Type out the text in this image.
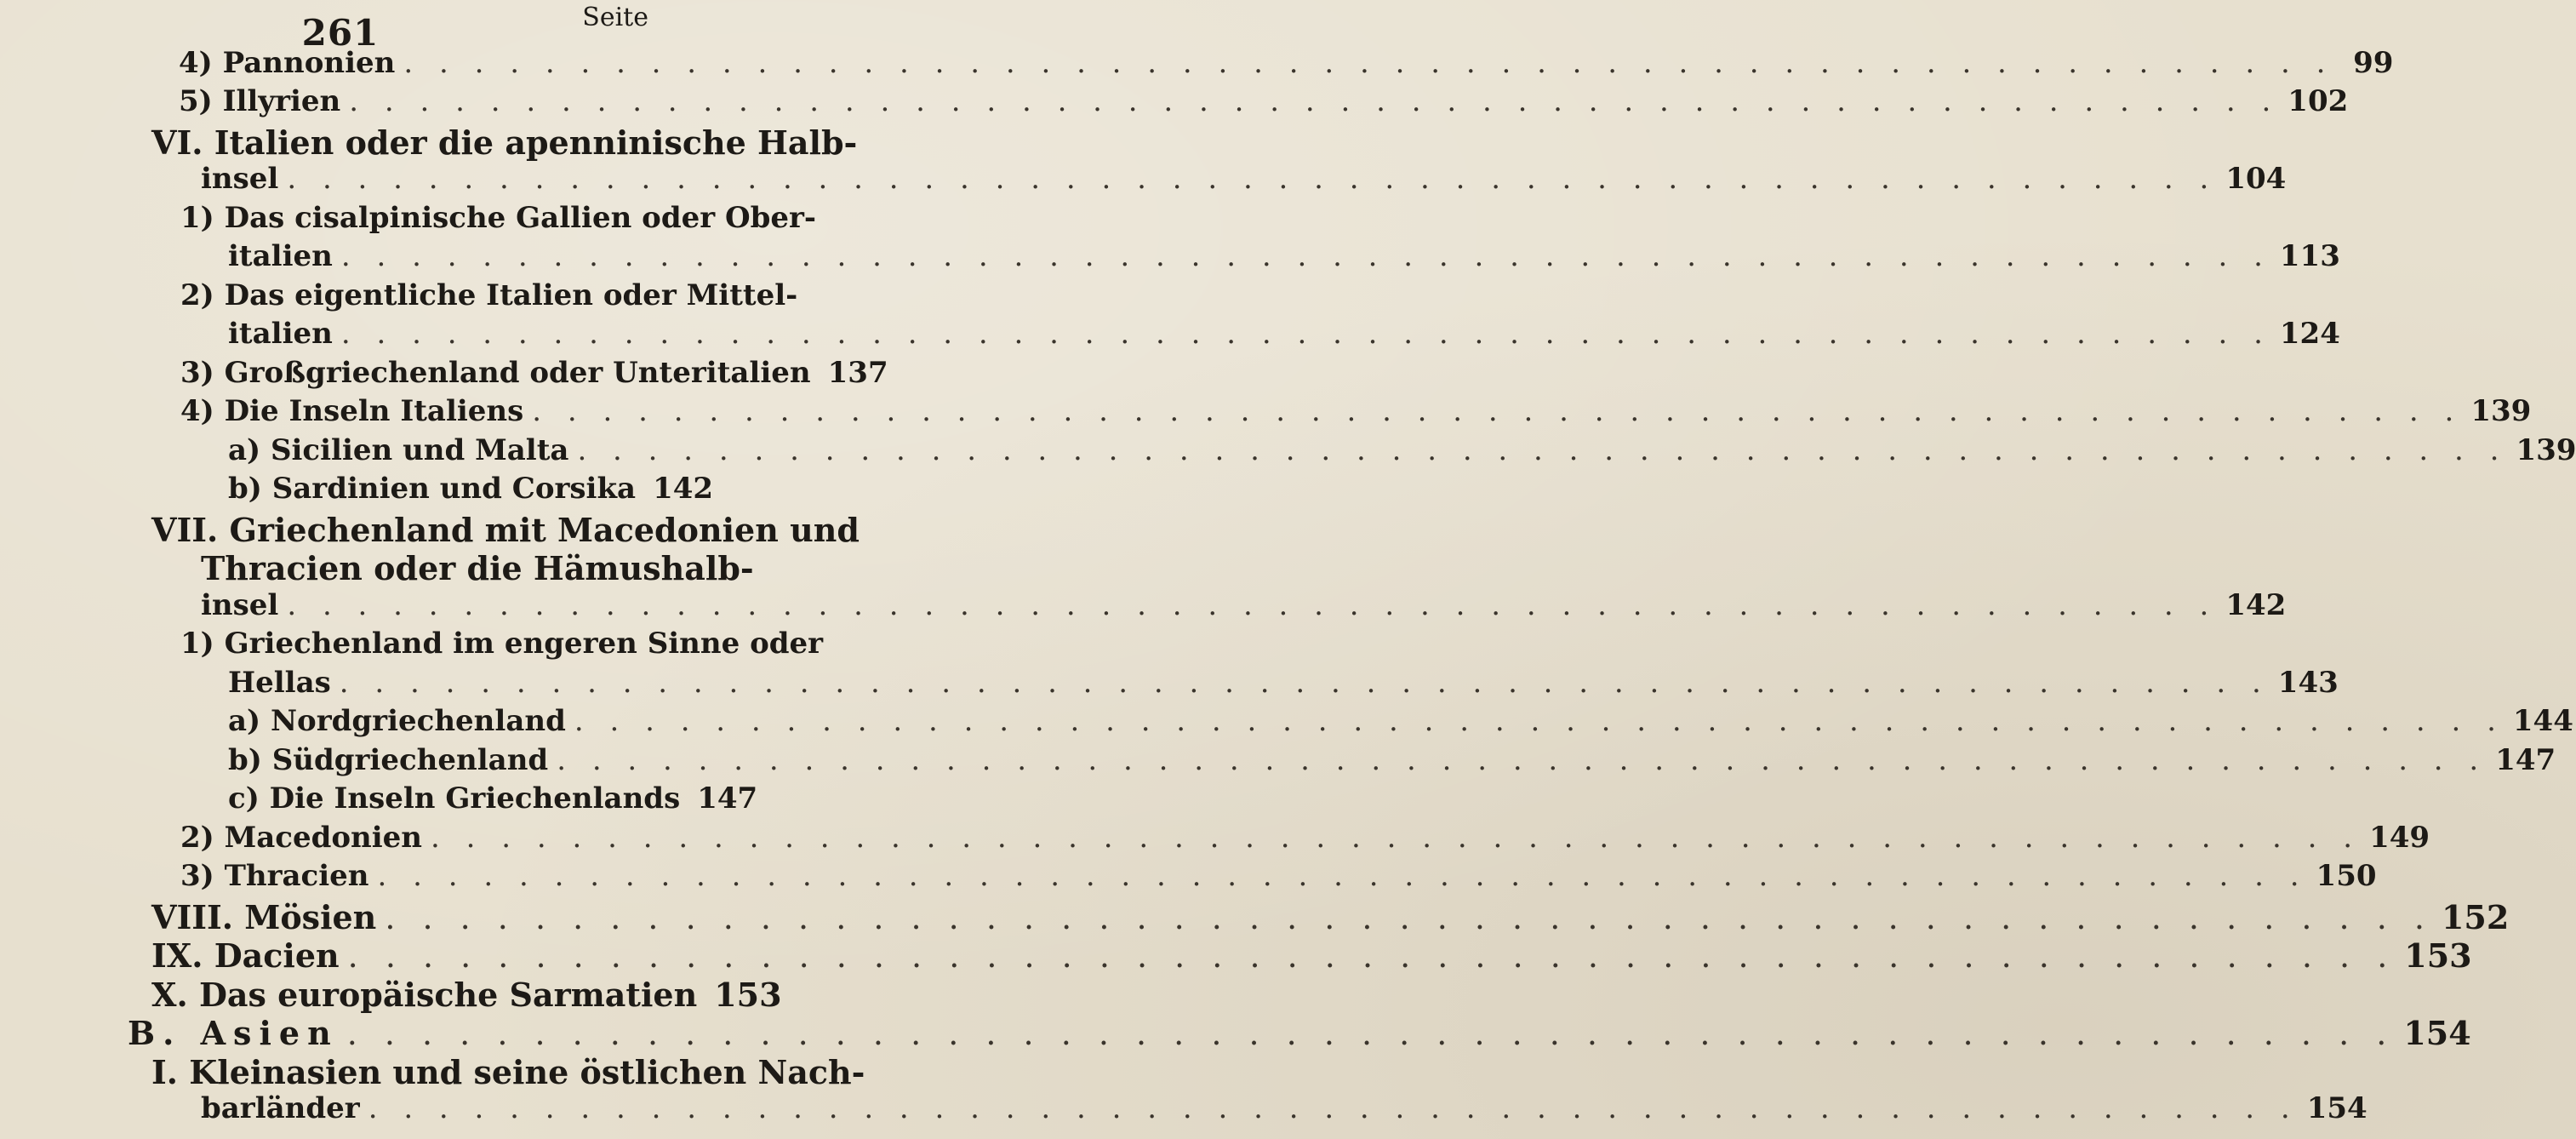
261	Seite
4) Pannonien . . .	99
5) Illyrien . . .	102
VI. Italien oder die apenninische Halb-
insel . . .	104
1) Das cisalpinische Gallien oder Ober-
italien . . .	113
2) Das eigentliche Italien oder Mittel-
italien . . .	124
3) Großgriechenland oder Unteritalien 137
4) Die Inseln Italiens . . .	139
a) Sicilien und Malta . . .	139
b) Sardinien und Corsika 142
VII. Griechenland mit Macedonien und
Thracien oder die Hämushalb-
insel . . .	142
1) Griechenland im engeren Sinne oder
Hellas . . .	143
a) Nordgriechenland . . .	144
b) Südgriechenland . . .	147
c) Die Inseln Griechenlands 147
2) Macedonien . . .	149
3) Thracien . . .	150
VIII. Mösien . . .	152
IX. Dacien . . .	153
X. Das europäische Sarmatien 153
B. Asien . . .	154
I. Kleinasien und seine östlichen Nach-
barländer . . .	154
